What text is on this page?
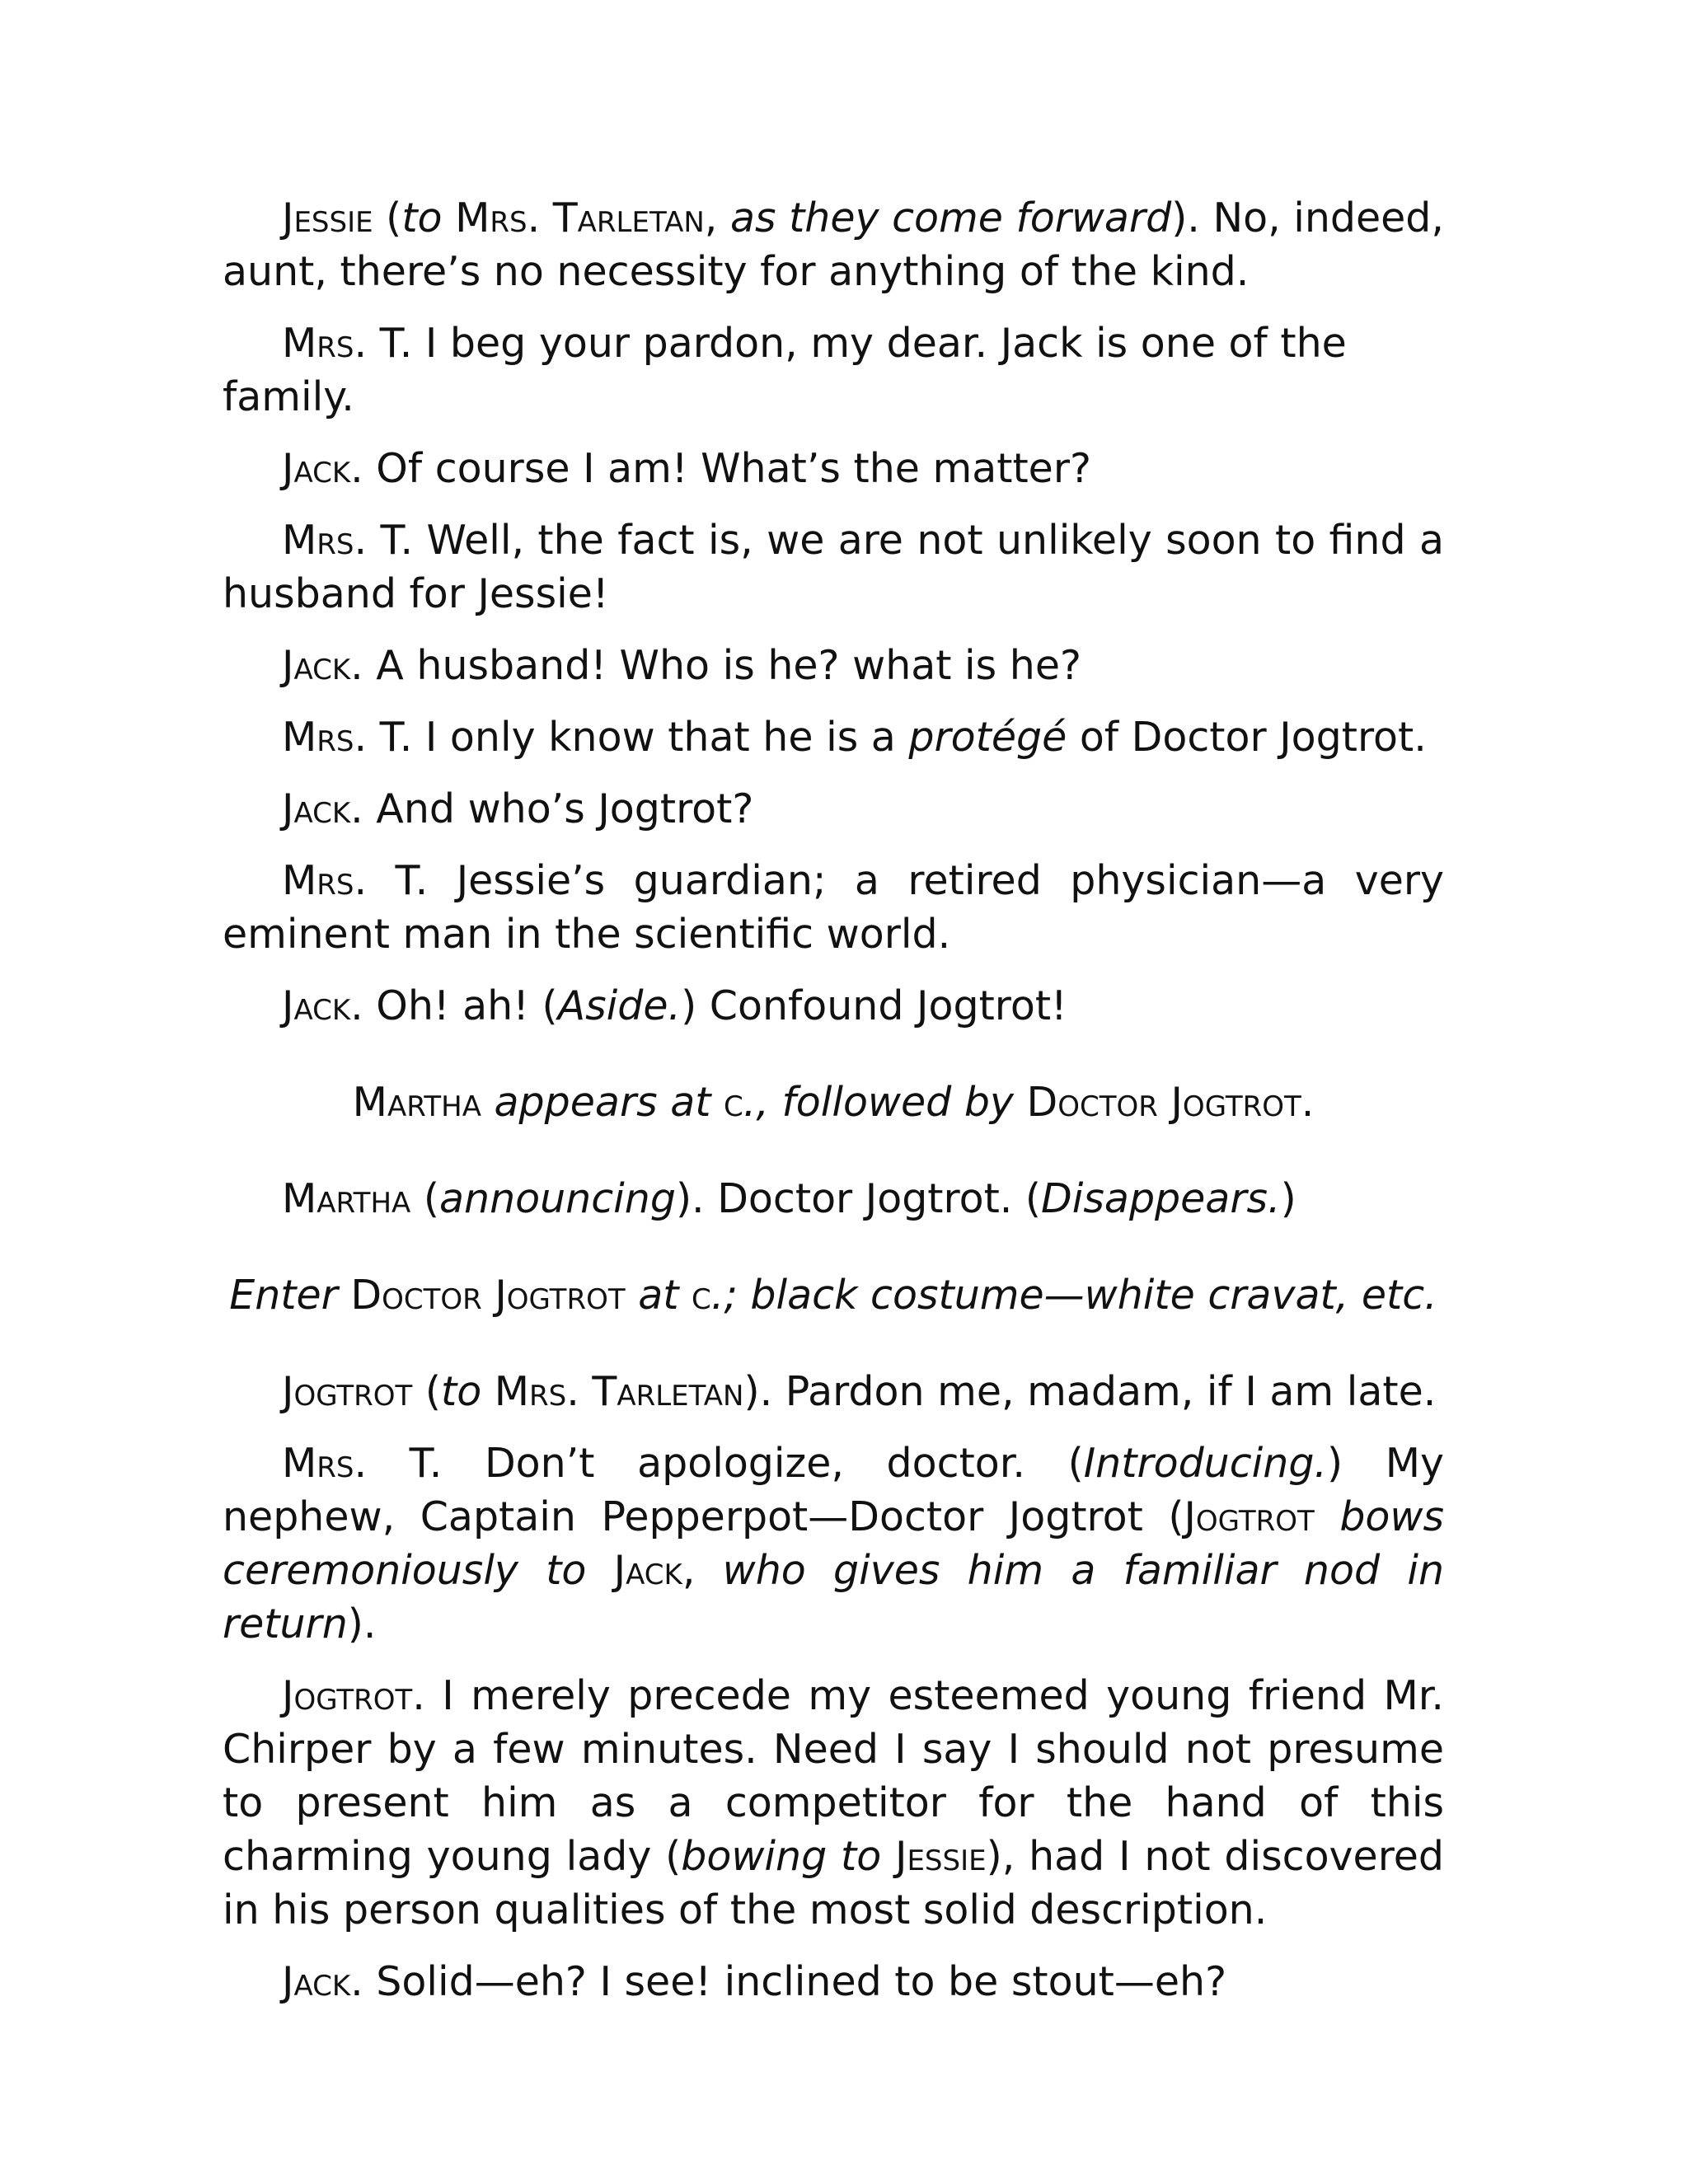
Jessie (to Mrs. Tarletan, as they come forward). No, indeed, aunt, there’s no necessity for anything of the kind.

Mrs. T. I beg your pardon, my dear. Jack is one of the family.

Jack. Of course I am! What’s the matter?

Mrs. T. Well, the fact is, we are not unlikely soon to find a husband for Jessie!

Jack. A husband! Who is he? what is he?

Mrs. T. I only know that he is a protégé of Doctor Jogtrot.

Jack. And who’s Jogtrot?

Mrs. T. Jessie’s guardian; a retired physician—a very eminent man in the scientific world.

Jack. Oh! ah! (Aside.) Confound Jogtrot!

Martha appears at c., followed by Doctor Jogtrot.

Martha (announcing). Doctor Jogtrot. (Disappears.)

Enter Doctor Jogtrot at c.; black costume—white cravat, etc.

Jogtrot (to Mrs. Tarletan). Pardon me, madam, if I am late.

Mrs. T. Don’t apologize, doctor. (Introducing.) My nephew, Captain Pepperpot—Doctor Jogtrot (Jogtrot bows ceremoniously to Jack, who gives him a familiar nod in return).

Jogtrot. I merely precede my esteemed young friend Mr. Chirper by a few minutes. Need I say I should not presume to present him as a competitor for the hand of this charming young lady (bowing to Jessie), had I not discovered in his person qualities of the most solid description.

Jack. Solid—eh? I see! inclined to be stout—eh?
